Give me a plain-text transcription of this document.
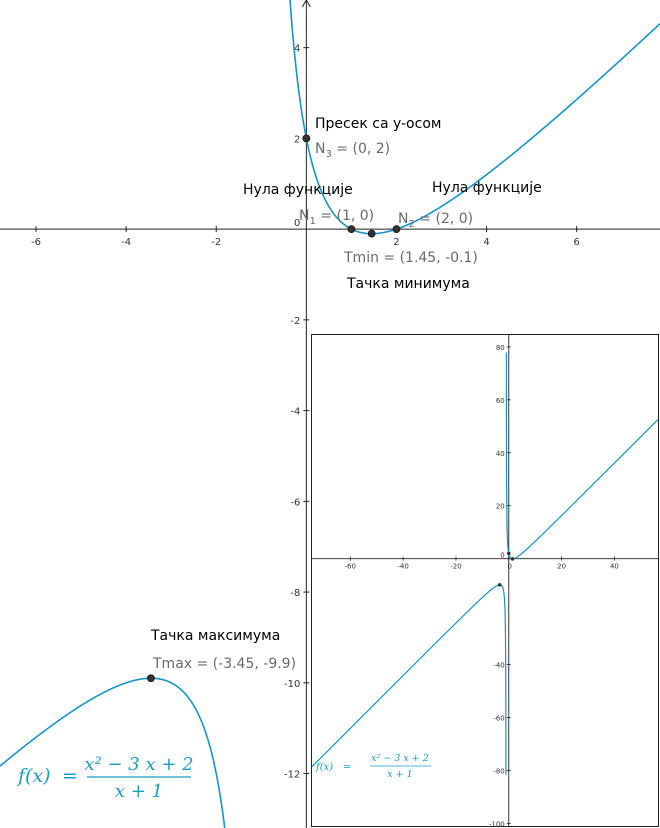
-6	-4	-2	2	4	6
4
2
0
-2
-4
-6
-8
-10
-12
Пресек са y-осом
$N_3 = (0$, 2)
Нула функције
$N_1 = (1$, 0)
Нула функције
$N_2 = (2$, 0)
Tmin = (1.45, -0.1)
Тачка минимума
Тачка максимума
Tmax = (-3.45, -9.9)
f(x) =
x² − 3 x + 2
x + 1
-60	-40	-20	0	20	40
80
60
40
20
0
-40
-60
-80
-100
f(x) =
x² − 3 x + 2
x + 1
